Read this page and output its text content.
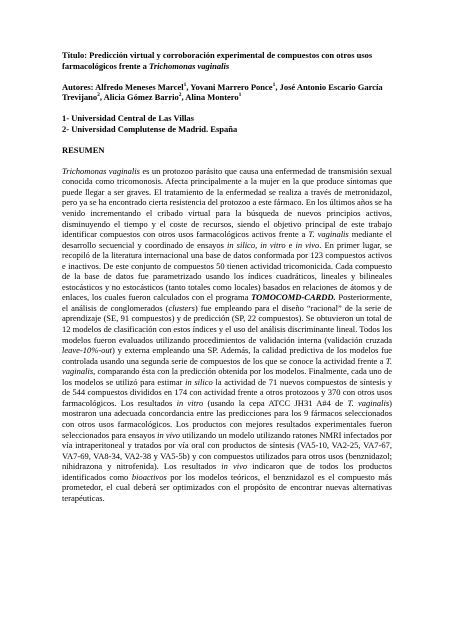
Título: Predicción virtual y corroboración experimental de compuestos con otros usos farmacológicos frente a Trichomonas vaginalis

Autores: Alfredo Meneses Marcel$^1$, Yovani Marrero Ponce$^1$, José Antonio Escario García Trevijano$^2$, Alicia Gómez Barrio$^2$, Alina Montero$^1$

1- Universidad Central de Las Villas
2- Universidad Complutense de Madrid. España

RESUMEN

Trichomonas vaginalis es un protozoo parásito que causa una enfermedad de transmisión sexual conocida como tricomonosis. Afecta principalmente a la mujer en la que produce síntomas que puede llegar a ser graves. El tratamiento de la enfermedad se realiza a través de metronidazol, pero ya se ha encontrado cierta resistencia del protozoo a este fármaco. En los últimos años se ha venido incrementando el cribado virtual para la búsqueda de nuevos principios activos, disminuyendo el tiempo y el coste de recursos, siendo el objetivo principal de este trabajo identificar compuestos con otros usos farmacológicos activos frente a T. vaginalis mediante el desarrollo secuencial y coordinado de ensayos in silico, in vitro e in vivo. En primer lugar, se recopiló de la literatura internacional una base de datos conformada por 123 compuestos activos e inactivos. De este conjunto de compuestos 50 tienen actividad tricomonicida. Cada compuesto de la base de datos fue parametrizado usando los índices cuadráticos, lineales y bilineales estocásticos y no estocásticos (tanto totales como locales) basados en relaciones de átomos y de enlaces, los cuales fueron calculados con el programa TOMOCOMD-CARDD. Posteriormente, el análisis de conglomerados (clusters) fue empleando para el diseño “racional” de la serie de aprendizaje (SE, 91 compuestos) y de predicción (SP, 22 compuestos). Se obtuvieron un total de 12 modelos de clasificación con estos índices y el uso del análisis discriminante lineal. Todos los modelos fueron evaluados utilizando procedimientos de validación interna (validación cruzada leave-10%-out) y externa empleando una SP. Además, la calidad predictiva de los modelos fue controlada usando una segunda serie de compuestos de los que se conoce la actividad frente a T. vaginalis, comparando ésta con la predicción obtenida por los modelos. Finalmente, cada uno de los modelos se utilizó para estimar in silico la actividad de 71 nuevos compuestos de síntesis y de 544 compuestos divididos en 174 con actividad frente a otros protozoos y 370 con otros usos farmacológicos. Los resultados in vitro (usando la cepa ATCC JH31 A#4 de T. vaginalis) mostraron una adecuada concordancia entre las predicciones para los 9 fármacos seleccionados con otros usos farmacológicos. Los productos con mejores resultados experimentales fueron seleccionados para ensayos in vivo utilizando un modelo utilizando ratones NMRI infectados por vía intraperitoneal y tratados por vía oral con productos de síntesis (VA5-10, VA2-25, VA7-67, VA7-69, VA8-34, VA2-38 y VA5-5b) y con compuestos utilizados para otros usos (benznidazol; nihidrazona y nitrofenida). Los resultados in vivo indicaron que de todos los productos identificados como bioactivos por los modelos teóricos, el benznidazol es el compuesto más prometedor, el cual deberá ser optimizados con el propósito de encontrar nuevas alternativas terapéuticas.
